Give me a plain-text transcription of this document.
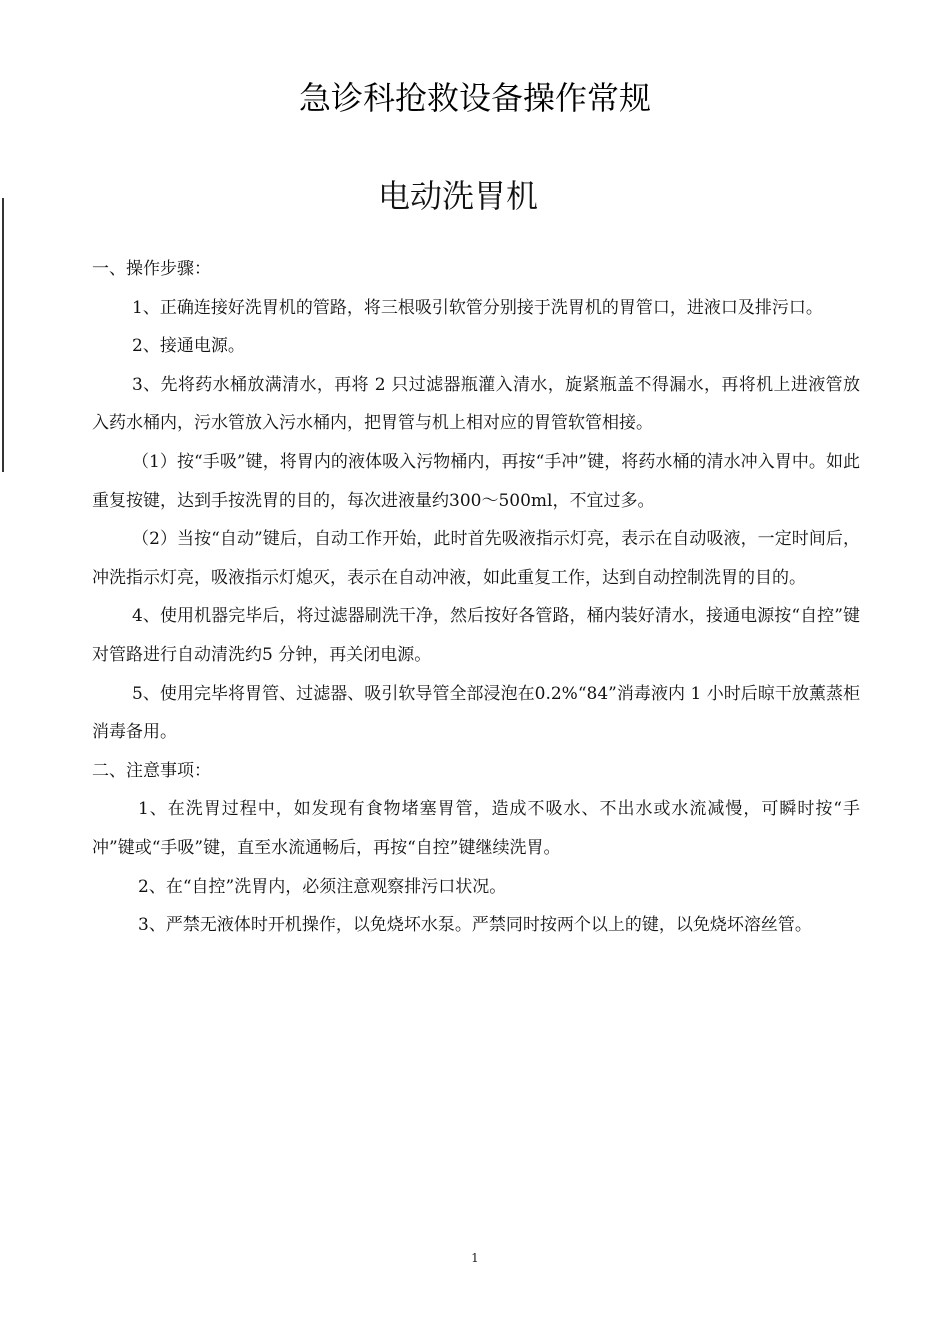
急诊科抢救设备操作常规
电动洗胃机

一、操作步骤：

1、正确连接好洗胃机的管路，将三根吸引软管分别接于洗胃机的胃管口，进液口及排污口。

2、接通电源。

3、先将药水桶放满清水，再将 2 只过滤器瓶灌入清水，旋紧瓶盖不得漏水，再将机上进液管放入药水桶内，污水管放入污水桶内，把胃管与机上相对应的胃管软管相接。

（1）按“手吸”键，将胃内的液体吸入污物桶内，再按“手冲”键，将药水桶的清水冲入胃中。如此重复按键，达到手按洗胃的目的，每次进液量约300～500ml，不宜过多。

（2）当按“自动”键后，自动工作开始，此时首先吸液指示灯亮，表示在自动吸液，一定时间后，冲洗指示灯亮，吸液指示灯熄灭，表示在自动冲液，如此重复工作，达到自动控制洗胃的目的。

4、使用机器完毕后，将过滤器刷洗干净，然后按好各管路，桶内装好清水，接通电源按“自控”键对管路进行自动清洗约5 分钟，再关闭电源。

5、使用完毕将胃管、过滤器、吸引软导管全部浸泡在0.2%“84”消毒液内 1 小时后晾干放薰蒸柜消毒备用。

二、注意事项：

1、在洗胃过程中，如发现有食物堵塞胃管，造成不吸水、不出水或水流减慢，可瞬时按“手冲”键或“手吸”键，直至水流通畅后，再按“自控”键继续洗胃。

2、在“自控”洗胃内，必须注意观察排污口状况。

3、严禁无液体时开机操作，以免烧坏水泵。严禁同时按两个以上的键，以免烧坏溶丝管。

1
